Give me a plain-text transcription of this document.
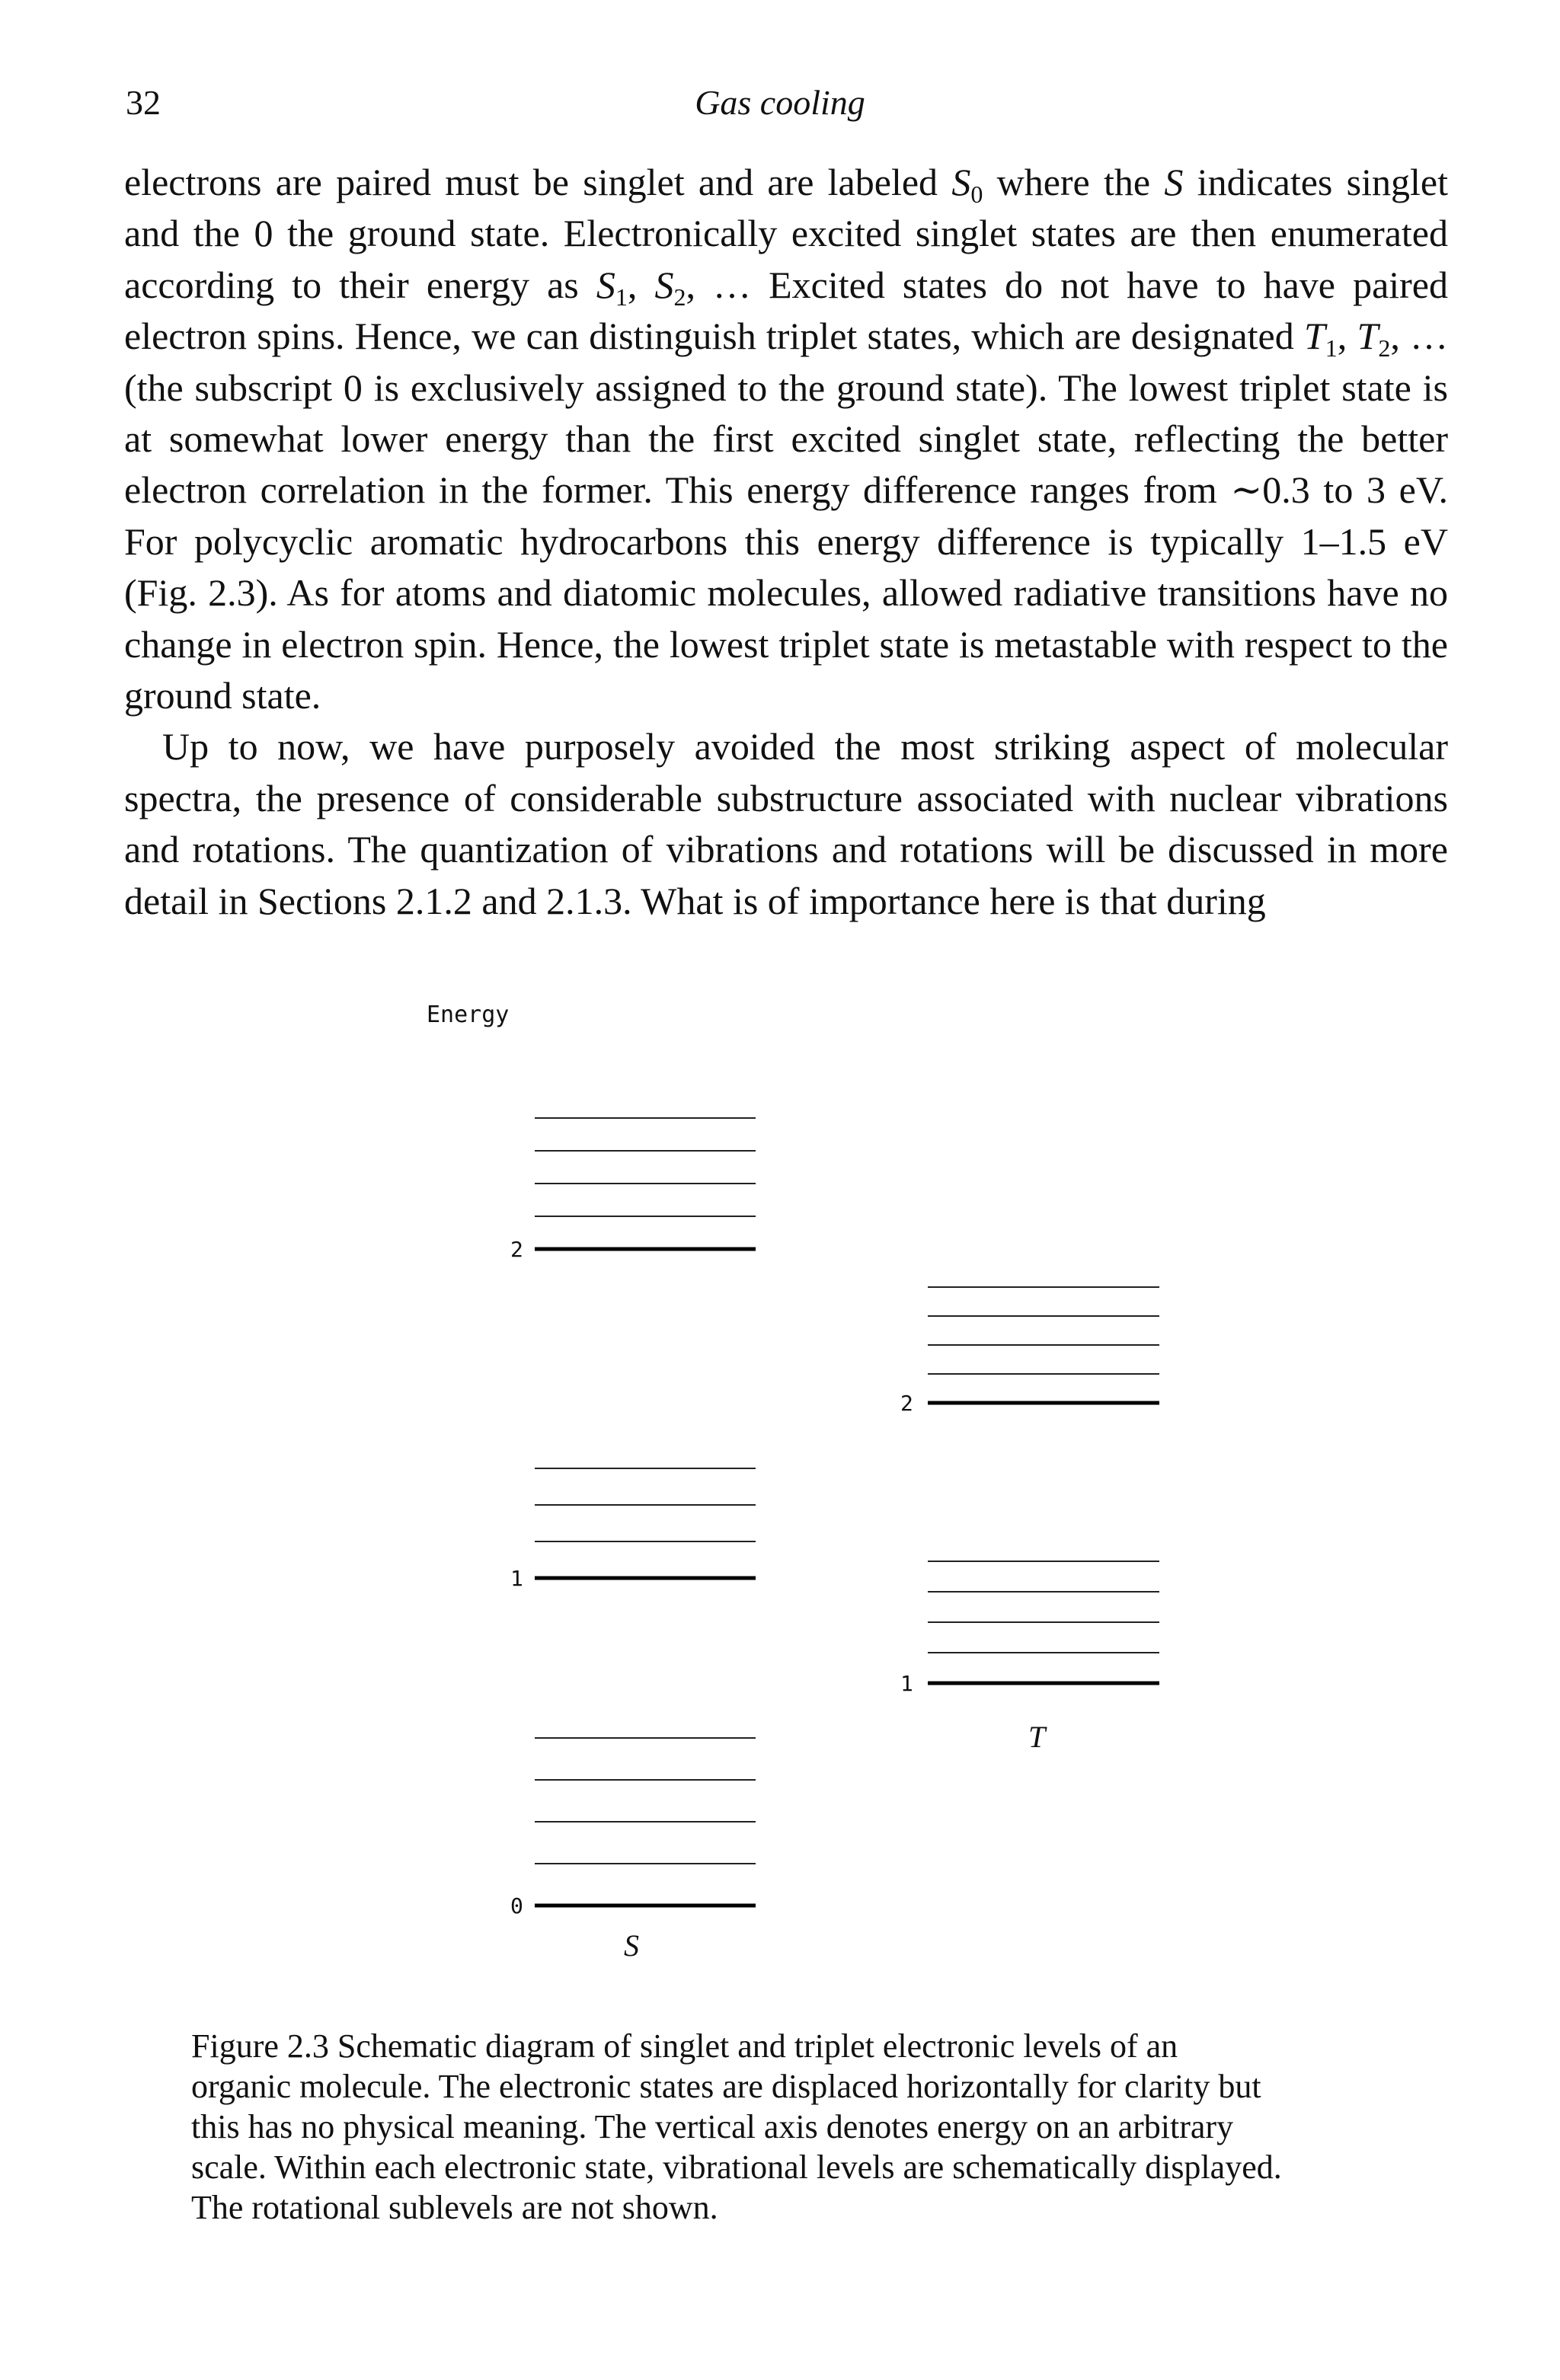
32	Gas cooling

electrons are paired must be singlet and are labeled $S_0$ where the S indicates singlet and the 0 the ground state. Electronically excited singlet states are then enumerated according to their energy as $S_1$, $S_2$, … Excited states do not have to have paired electron spins. Hence, we can distinguish triplet states, which are designated $T_1$, $T_2$, … (the subscript 0 is exclusively assigned to the ground state). The lowest triplet state is at somewhat lower energy than the first excited singlet state, reflecting the better electron correlation in the former. This energy difference ranges from ∼0.3 to 3 eV. For polycyclic aromatic hydrocarbons this energy difference is typically 1–1.5 eV (Fig. 2.3). As for atoms and diatomic molecules, allowed radiative transitions have no change in electron spin. Hence, the lowest triplet state is metastable with respect to the ground state.

Up to now, we have purposely avoided the most striking aspect of molecular spectra, the presence of considerable substructure associated with nuclear vibrations and rotations. The quantization of vibrations and rotations will be discussed in more detail in Sections 2.1.2 and 2.1.3. What is of importance here is that during

Energy
0
1
2
1
2
S
T
Figure 2.3 Schematic diagram of singlet and triplet electronic levels of an
organic molecule. The electronic states are displaced horizontally for clarity but
this has no physical meaning. The vertical axis denotes energy on an arbitrary
scale. Within each electronic state, vibrational levels are schematically displayed.
The rotational sublevels are not shown.
